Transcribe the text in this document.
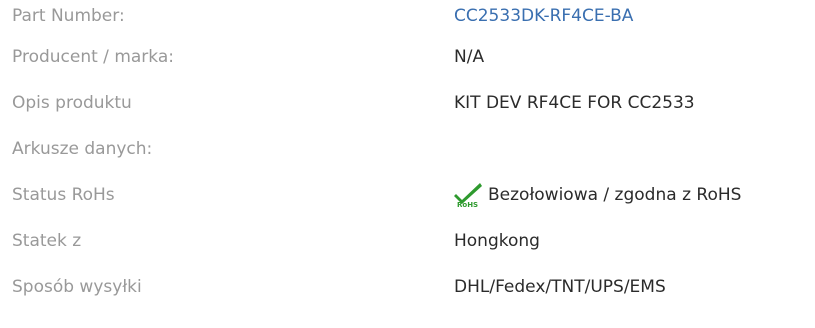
Part Number:	CC2533DK-RF4CE-BA
Producent / marka:	N/A
Opis produktu	KIT DEV RF4CE FOR CC2533
Arkusze danych:
Status RoHs	RoHS Bezołowiowa / zgodna z RoHS
Statek z	Hongkong
Sposób wysyłki	DHL/Fedex/TNT/UPS/EMS
